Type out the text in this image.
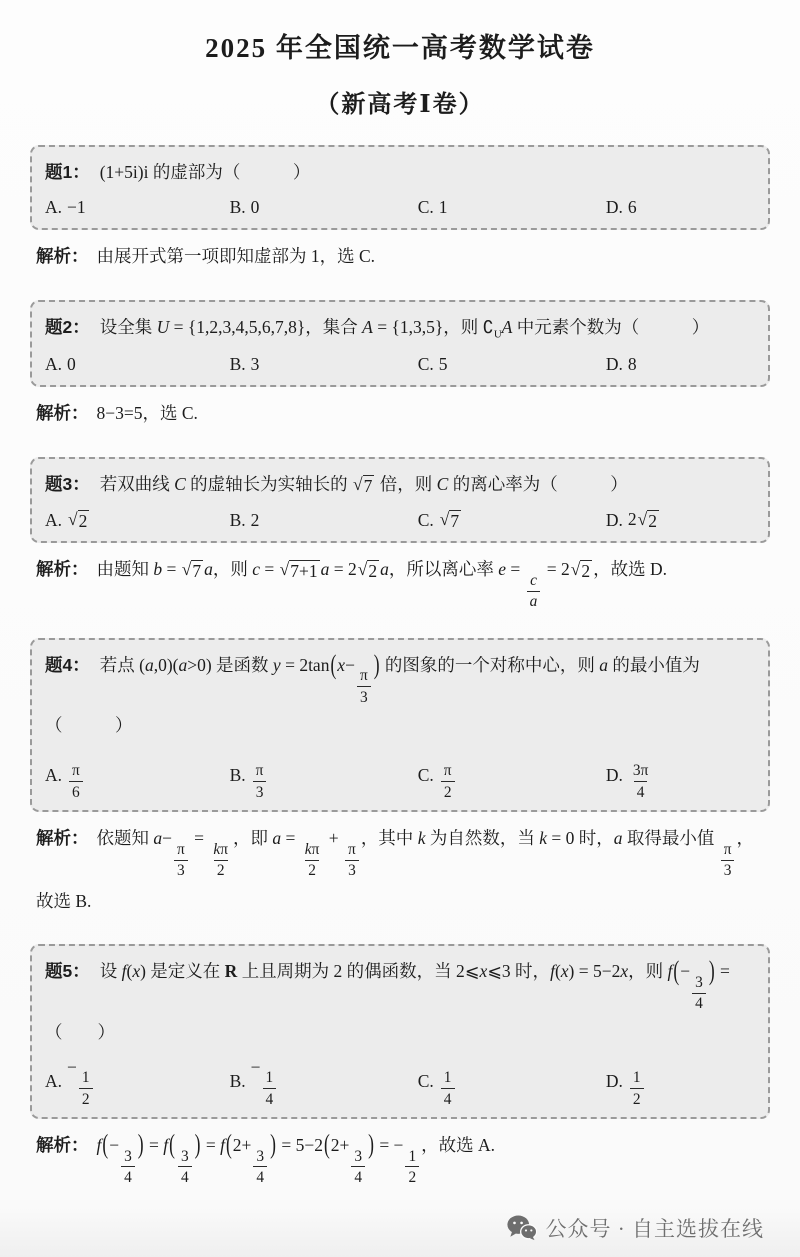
2025 年全国统一高考数学试卷
（新高考Ⅰ卷）
题1： (1+5i)i 的虚部为（　　　）
A. −1	B. 0	C. 1	D. 6
解析： 由展开式第一项即知虚部为 1，选 C.
题2： 设全集 U = {1,2,3,4,5,6,7,8}，集合 A = {1,3,5}，则 $∁_UA$ 中元素个数为（　　　）
A. 0	B. 3	C. 5	D. 8
解析： 8−3=5，选 C.
题3： 若双曲线 C 的虚轴长为实轴长的 √ 7 倍，则 C 的离心率为（　　　）
A. √ 2	B. 2	C. √ 7	D. 2 √ 2
解析： 由题知 b = √ 7 a，则 c = √ 7+1 a = 2 √ 2 a，所以离心率 e =
$\frac{c}{a}$
= 2 √ 2 ，故选 D.
题4： 若点 (a,0)(a>0) 是函数 y = 2tan(x−
$\frac{\pi}{3}$
) 的图象的一个对称中心，则 a 的最小值为
（　　　）
A. $\frac{\pi}{6}$	B. $\frac{\pi}{3}$	C. $\frac{\pi}{2}$	D. $\frac{3\pi}{4}$
解析： 依题知 a−
$\frac{\pi}{3}$
=
$\frac{k\pi}{2}$
，即 a =
$\frac{k\pi}{2}$
+
$\frac{\pi}{3}$
，其中 k 为自然数，当 k = 0 时，a 取得最小值
$\frac{\pi}{3}$
，
故选 B.
题5： 设 f(x) 是定义在 R 上且周期为 2 的偶函数，当 2⩽x⩽3 时，f(x) = 5−2x，则 f(−
$\frac{3}{4}$
) =
（　　）
A.
−
$\frac{1}{2}$	B.
−
$\frac{1}{4}$	C. $\frac{1}{4}$	D. $\frac{1}{2}$
解析： f(−
$\frac{3}{4}$
) = f(
$\frac{3}{4}$
) = f(2+
$\frac{3}{4}$
) = 5−2(2+
$\frac{3}{4}$
) = −
$\frac{1}{2}$
，故选 A.
公众号 · 自主选拔在线
